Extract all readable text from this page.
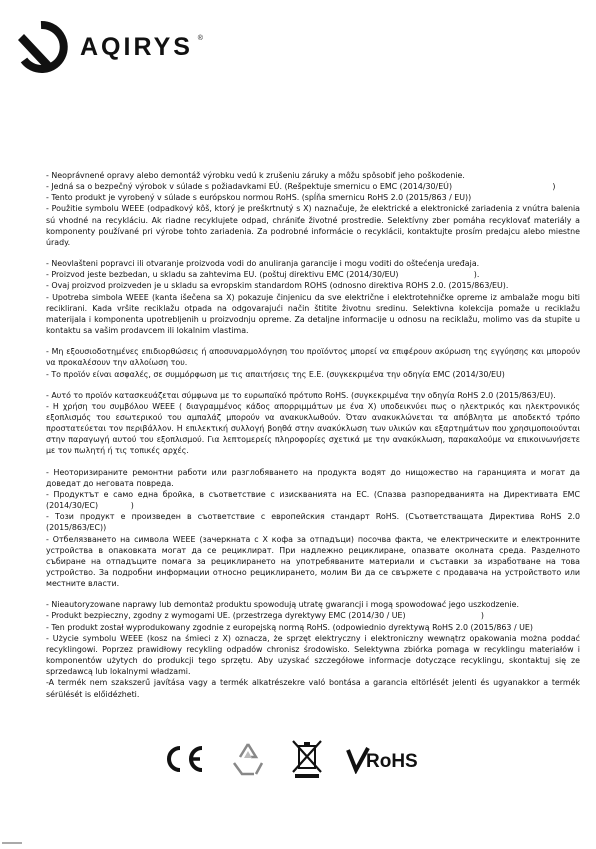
AQIRYS ®

- Neoprávnené opravy alebo demontáž výrobku vedú k zrušeniu záruky a môžu spôsobiť jeho poškodenie.

- Jedná sa o bezpečný výrobok v súlade s požiadavkami EÚ. (Rešpektuje smernicu o EMC (2014/30/EÚ)                                        )

- Tento produkt je vyrobený v súlade s európskou normou RoHS. (spĺňa smernicu RoHS 2.0 (2015/863 / EU))

- Použitie symbolu WEEE (odpadkový kôš, ktorý je preškrtnutý s X) naznačuje, že elektrické a elektronické zariadenia z vnútra balenia sú vhodné na recykláciu. Ak riadne recyklujete odpad, chrániťe životné prostredie. Selektívny zber pomáha recyklovať materiály a komponenty používané pri výrobe tohto zariadenia. Za podrobné informácie o recyklácii, kontaktujte prosím predajcu alebo miestne úrady.

- Neovlašteni popravci ili otvaranje proizvoda vodi do anuliranja garancije i mogu voditi do oštećenja uređaja.

- Proizvod jeste bezbedan, u skladu sa zahtevima EU. (poštuj direktivu EMC (2014/30/EU)                              ).

- Ovaj proizvod proizveden je u skladu sa evropskim standardom ROHS (odnosno direktiva ROHS 2.0. (2015/863/EU).

- Upotreba simbola WEEE (kanta išečena sa X) pokazuje činjenicu da sve električne i elektrotehničke opreme iz ambalaže mogu biti reciklirani. Kada vršite reciklažu otpada na odgovarajući način štitite životnu sredinu. Selektivna kolekcija pomaže u reciklažu materijala i komponenta upotrebljenih u proizvodnju opreme. Za detaljne informacije u odnosu na reciklažu, molimo vas da stupite u kontaktu sa vašim prodavcem ili lokalnim vlastima.

- Μη εξουσιοδοτημένες επιδιορθώσεις ή αποσυναρμολόγηση του προϊόντος μπορεί να επιφέρουν ακύρωση της εγγύησης και μπορούν να προκαλέσουν την αλλοίωση του.

- Το προϊόν είναι ασφαλές, σε συμμόρφωση με τις απαιτήσεις της Ε.Ε. (συγκεκριμένα την οδηγία EMC (2014/30/EU)

- Αυτό το προϊόν κατασκευάζεται σύμφωνα με το ευρωπαϊκό πρότυπο RoHS. (συγκεκριμένα την οδηγία RoHS 2.0 (2015/863/EU).

- Η χρήση του συμβόλου WEEE ( διαγραμμένος κάδος απορριμμάτων με ένα Χ) υποδεικνύει πως ο ηλεκτρικός και ηλεκτρονικός εξοπλισμός του εσωτερικού του αμπαλάζ μπορούν να ανακυκλωθούν. Όταν ανακυκλώνεται τα απόβλητα με αποδεκτό τρόπο προστατεύεται τον περιβάλλον. Η επιλεκτική συλλογή βοηθά στην ανακύκλωση των υλικών και εξαρτημάτων που χρησιμοποιούνται στην παραγωγή αυτού του εξοπλισμού. Για λεπτομερείς πληροφορίες σχετικά με την ανακύκλωση, παρακαλούμε να επικοινωνήσετε με τον πωλητή ή τις τοπικές αρχές.

- Неоторизираните ремонтни работи или разглобяването на продукта водят до нищожество на гаранцията и могат да доведат до неговата повреда.

- Продуктът е само една бройка, в съответствие с изискванията на ЕС. (Спазва разпоредванията на Директивата EMC (2014/30/EC)             )

- Този продукт е произведен в съответствие с европейския стандарт RoHS. (Съответстващата Директива RoHS 2.0 (2015/863/EC))

- Отбелязването на символа WEEE (зачеркната с X кофа за отпадъци) посочва факта, че електрическите и електронните устройства в опаковката могат да се рециклират. При надлежно рециклиране, опазвате околната среда. Разделното събиране на отпадъците помага за рециклирането на употребяваните материали и съставки за изработване на това устройство. За подробни информации относно рециклирането, молим Ви да се свържете с продавача на устройството или местните власти.

- Nieautoryzowane naprawy lub demontaż produktu spowodują utratę gwarancji i mogą spowodować jego uszkodzenie.

- Produkt bezpieczny, zgodny z wymogami UE. (przestrzega dyrektywy EMC (2014/30 / UE)                              )

- Ten produkt został wyprodukowany zgodnie z europejską normą RoHS. (odpowiednio dyrektywą RoHS 2.0 (2015/863 / UE)

- Użycie symbolu WEEE (kosz na śmieci z X) oznacza, że sprzęt elektryczny i elektroniczny wewnątrz opakowania można poddać recyklingowi. Poprzez prawidłowy recykling odpadów chronisz środowisko. Selektywna zbiórka pomaga w recyklingu materiałów i komponentów użytych do produkcji tego sprzętu. Aby uzyskać szczegółowe informacje dotyczące recyklingu, skontaktuj się ze sprzedawcą lub lokalnymi władzami.

-A termék nem szakszerű javítása vagy a termék alkatrészekre való bontása a garancia eltörlését jelenti és ugyanakkor a termék sérülését is előidézheti.

RoHS
